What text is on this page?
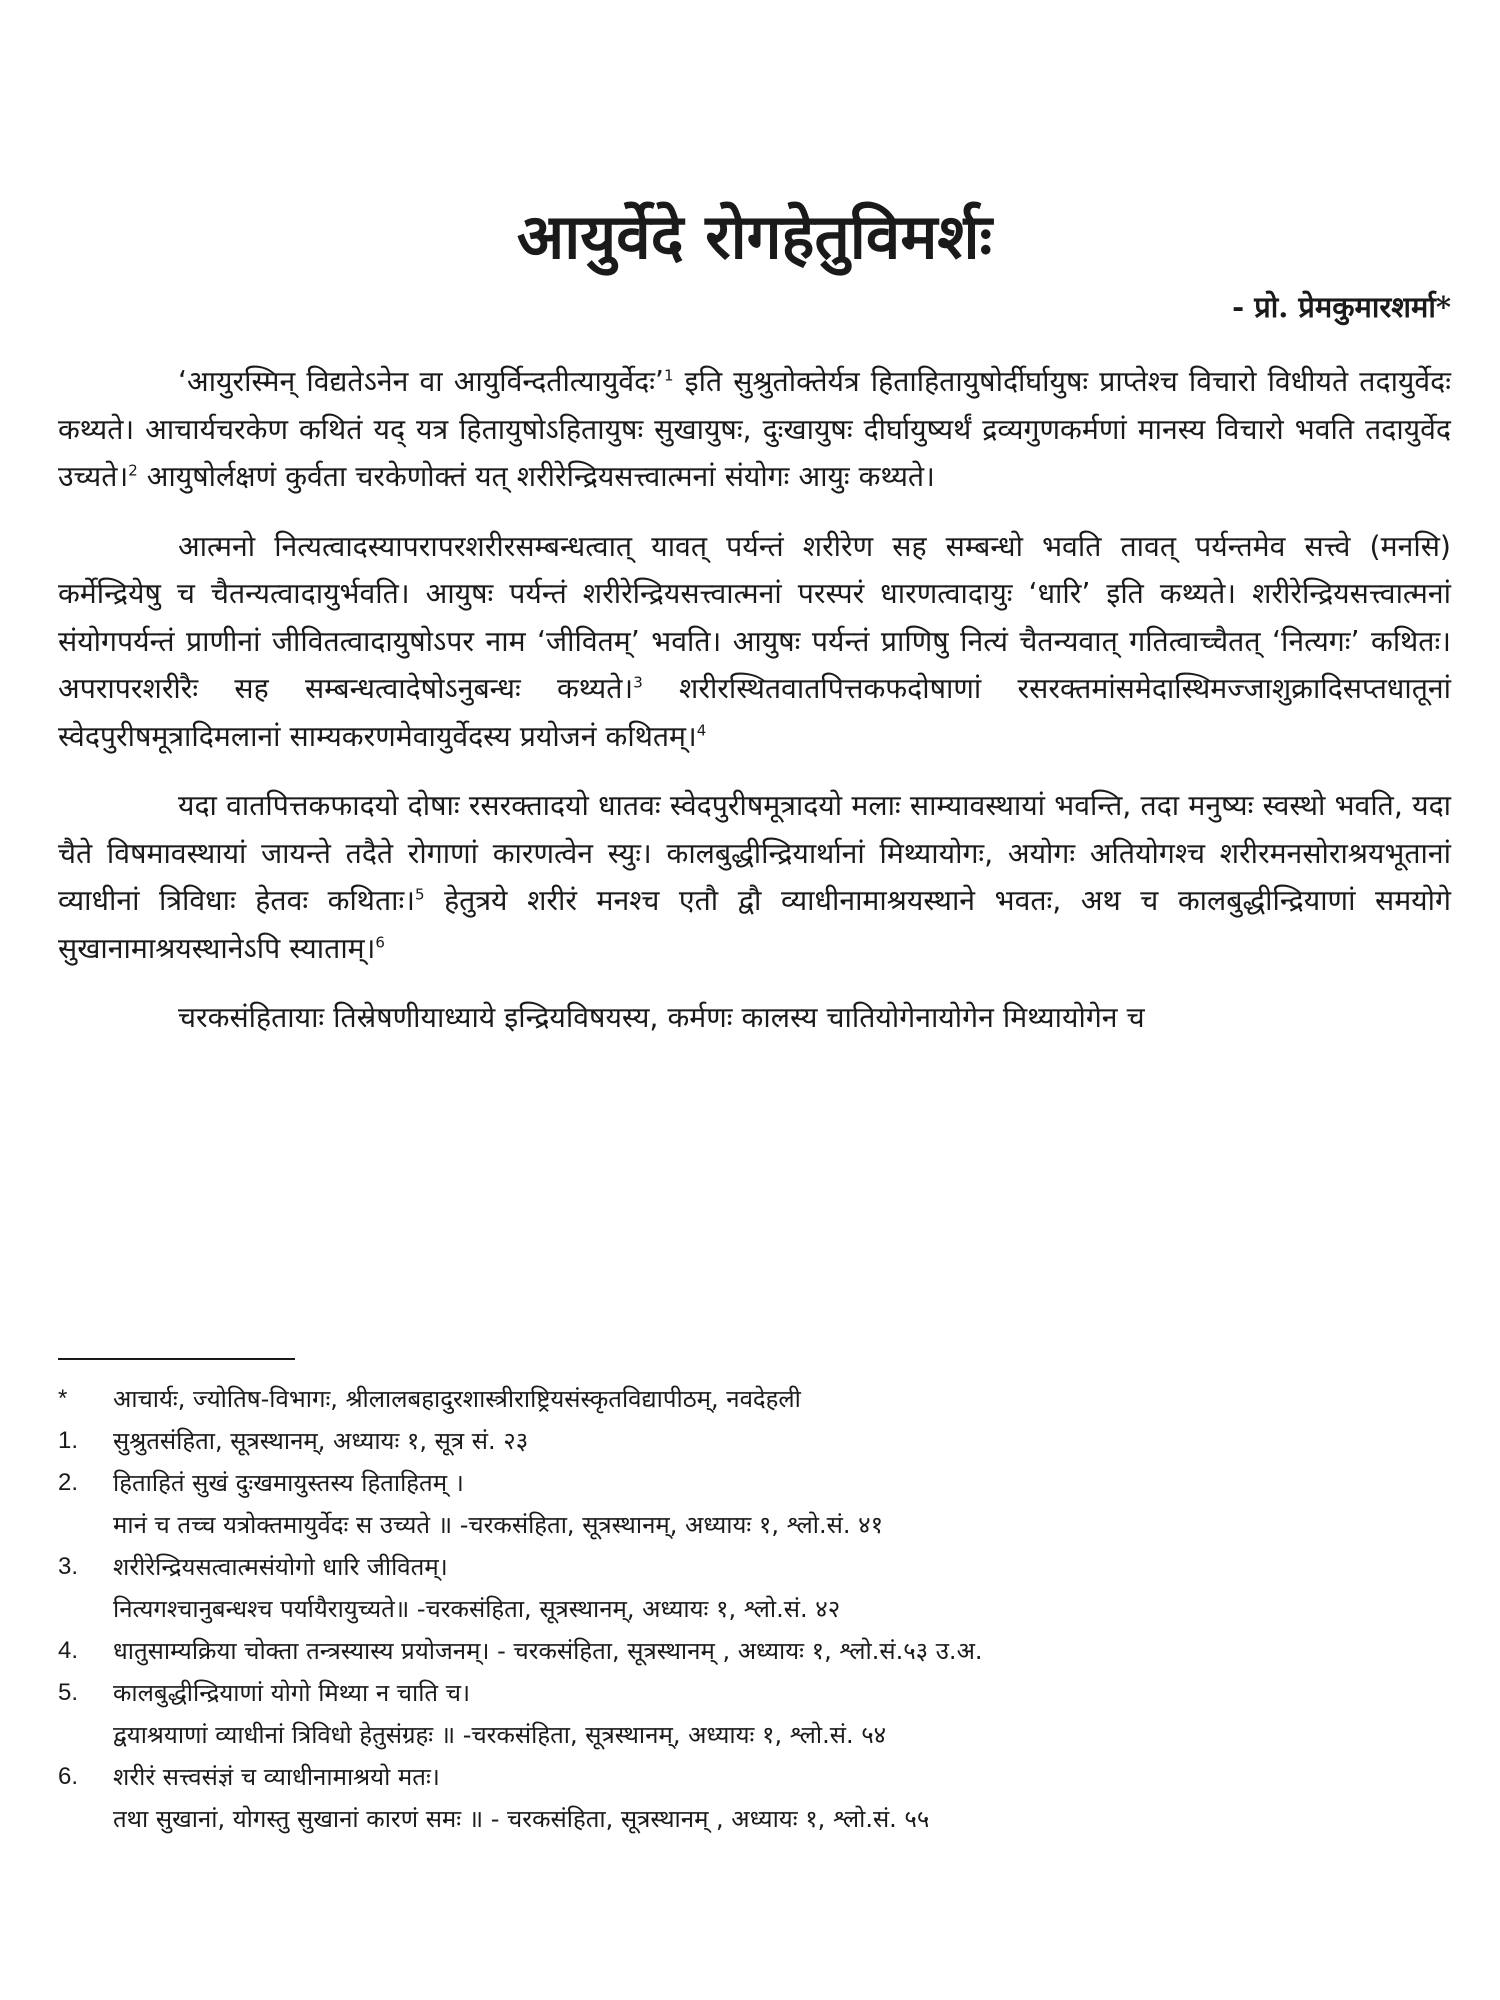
आयुर्वेदे रोगहेतुविमर्शः
- प्रो. प्रेमकुमारशर्मा*

‘आयुरस्मिन् विद्यतेऽनेन वा आयुर्विन्दतीत्यायुर्वेदः’$^1$ इति सुश्रुतोक्तेर्यत्र हिताहितायुषोर्दीर्घायुषः प्राप्तेश्च विचारो विधीयते तदायुर्वेदः कथ्यते। आचार्यचरकेण कथितं यद् यत्र हितायुषोऽहितायुषः सुखायुषः, दुःखायुषः दीर्घायुष्यर्थं द्रव्यगुणकर्मणां मानस्य विचारो भवति तदायुर्वेद उच्यते।$^2$ आयुषोर्लक्षणं कुर्वता चरकेणोक्तं यत् शरीरेन्द्रियसत्त्वात्मनां संयोगः आयुः कथ्यते।

आत्मनो नित्यत्वादस्यापरापरशरीरसम्बन्धत्वात् यावत् पर्यन्तं शरीरेण सह सम्बन्धो भवति तावत् पर्यन्तमेव सत्त्वे (मनसि) कर्मेन्द्रियेषु च चैतन्यत्वादायुर्भवति। आयुषः पर्यन्तं शरीरेन्द्रियसत्त्वात्मनां परस्परं धारणत्वादायुः ‘धारि’ इति कथ्यते। शरीरेन्द्रियसत्त्वात्मनां संयोगपर्यन्तं प्राणीनां जीवितत्वादायुषोऽपर नाम ‘जीवितम्’ भवति। आयुषः पर्यन्तं प्राणिषु नित्यं चैतन्यवात् गतित्वाच्चैतत् ‘नित्यगः’ कथितः। अपरापरशरीरैः सह सम्बन्धत्वादेषोऽनुबन्धः कथ्यते।$^3$ शरीरस्थितवातपित्तकफदोषाणां रसरक्तमांसमेदास्थिमज्जाशुक्रादिसप्तधातूनां स्वेदपुरीषमूत्रादिमलानां साम्यकरणमेवायुर्वेदस्य प्रयोजनं कथितम्।$^4$

यदा वातपित्तकफादयो दोषाः रसरक्तादयो धातवः स्वेदपुरीषमूत्रादयो मलाः साम्यावस्थायां भवन्ति, तदा मनुष्यः स्वस्थो भवति, यदा चैते विषमावस्थायां जायन्ते तदैते रोगाणां कारणत्वेन स्युः। कालबुद्धीन्द्रियार्थानां मिथ्यायोगः, अयोगः अतियोगश्च शरीरमनसोराश्रयभूतानां व्याधीनां त्रिविधाः हेतवः कथिताः।$^5$ हेतुत्रये शरीरं मनश्च एतौ द्वौ व्याधीनामाश्रयस्थाने भवतः, अथ च कालबुद्धीन्द्रियाणां समयोगे सुखानामाश्रयस्थानेऽपि स्याताम्।$^6$

चरकसंहितायाः तिस्रेषणीयाध्याये इन्द्रियविषयस्य, कर्मणः कालस्य चातियोगेनायोगेन मिथ्यायोगेन च

*	आचार्यः, ज्योतिष-विभागः, श्रीलालबहादुरशास्त्रीराष्ट्रियसंस्कृतविद्यापीठम्, नवदेहली
1.	सुश्रुतसंहिता, सूत्रस्थानम्, अध्यायः १, सूत्र सं. २३
2.	हिताहितं सुखं दुःखमायुस्तस्य हिताहितम् ।
मानं च तच्च यत्रोक्तमायुर्वेदः स उच्यते ॥ -चरकसंहिता, सूत्रस्थानम्, अध्यायः १, श्लो.सं. ४१
3.	शरीरेन्द्रियसत्वात्मसंयोगो धारि जीवितम्।
नित्यगश्चानुबन्धश्च पर्यायैरायुच्यते॥ -चरकसंहिता, सूत्रस्थानम्, अध्यायः १, श्लो.सं. ४२
4.	धातुसाम्यक्रिया चोक्ता तन्त्रस्यास्य प्रयोजनम्। - चरकसंहिता, सूत्रस्थानम् , अध्यायः १, श्लो.सं.५३ उ.अ.
5.	कालबुद्धीन्द्रियाणां योगो मिथ्या न चाति च।
द्वयाश्रयाणां व्याधीनां त्रिविधो हेतुसंग्रहः ॥ -चरकसंहिता, सूत्रस्थानम्, अध्यायः १, श्लो.सं. ५४
6.	शरीरं सत्त्वसंज्ञं च व्याधीनामाश्रयो मतः।
तथा सुखानां, योगस्तु सुखानां कारणं समः ॥ - चरकसंहिता, सूत्रस्थानम् , अध्यायः १, श्लो.सं. ५५
